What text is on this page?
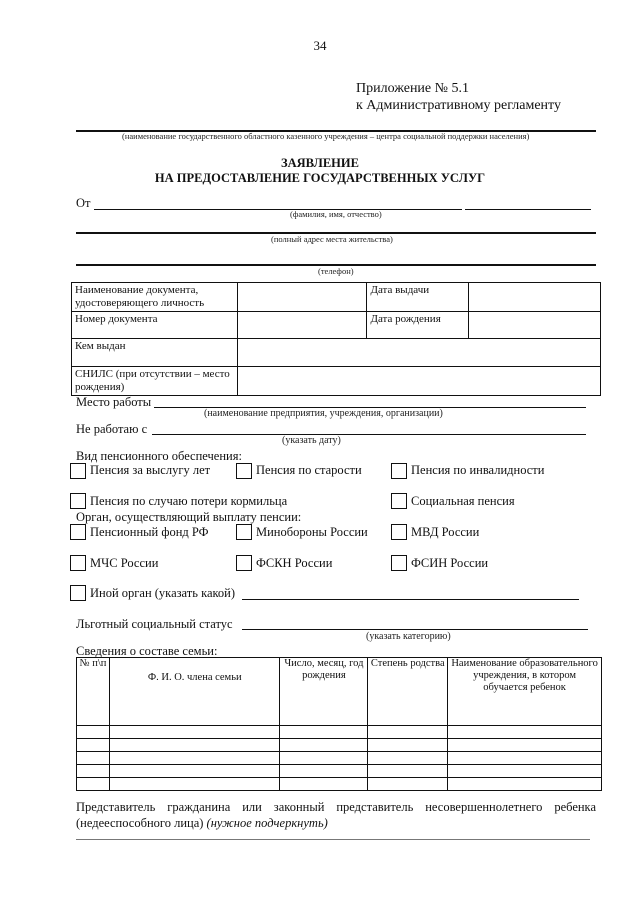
34
Приложение № 5.1
к Административному регламенту
(наименование государственного областного казенного учреждения – центра социальной поддержки населения)
ЗАЯВЛЕНИЕ
НА ПРЕДОСТАВЛЕНИЕ ГОСУДАРСТВЕННЫХ УСЛУГ
От
(фамилия, имя, отчество)
(полный адрес места жительства)
(телефон)
Наименование документа, удостоверяющего личность		Дата выдачи	
Номер документа		Дата рождения	
Кем выдан			
СНИЛС (при отсутствии – место рождения)			
Место работы
(наименование предприятия, учреждения, организации)
Не работаю с
(указать дату)
Вид пенсионного обеспечения:
Пенсия за выслугу лет	Пенсия по старости	Пенсия по инвалидности
Пенсия по случаю потери кормильца	Социальная пенсия
Орган, осуществляющий выплату пенсии:
Пенсионный фонд РФ	Минобороны России	МВД России
МЧС России	ФСКН России	ФСИН России
Иной орган (указать какой)
Льготный социальный статус
(указать категорию)
Сведения о составе семьи:
№ п\п	Ф. И. О. члена семьи	Число, месяц, год рождения	Степень родства	Наименование образовательного учреждения, в котором обучается ребенок

Представитель гражданина или законный представитель несовершеннолетнего ребенка (недееспособного лица) (нужное подчеркнуть)
